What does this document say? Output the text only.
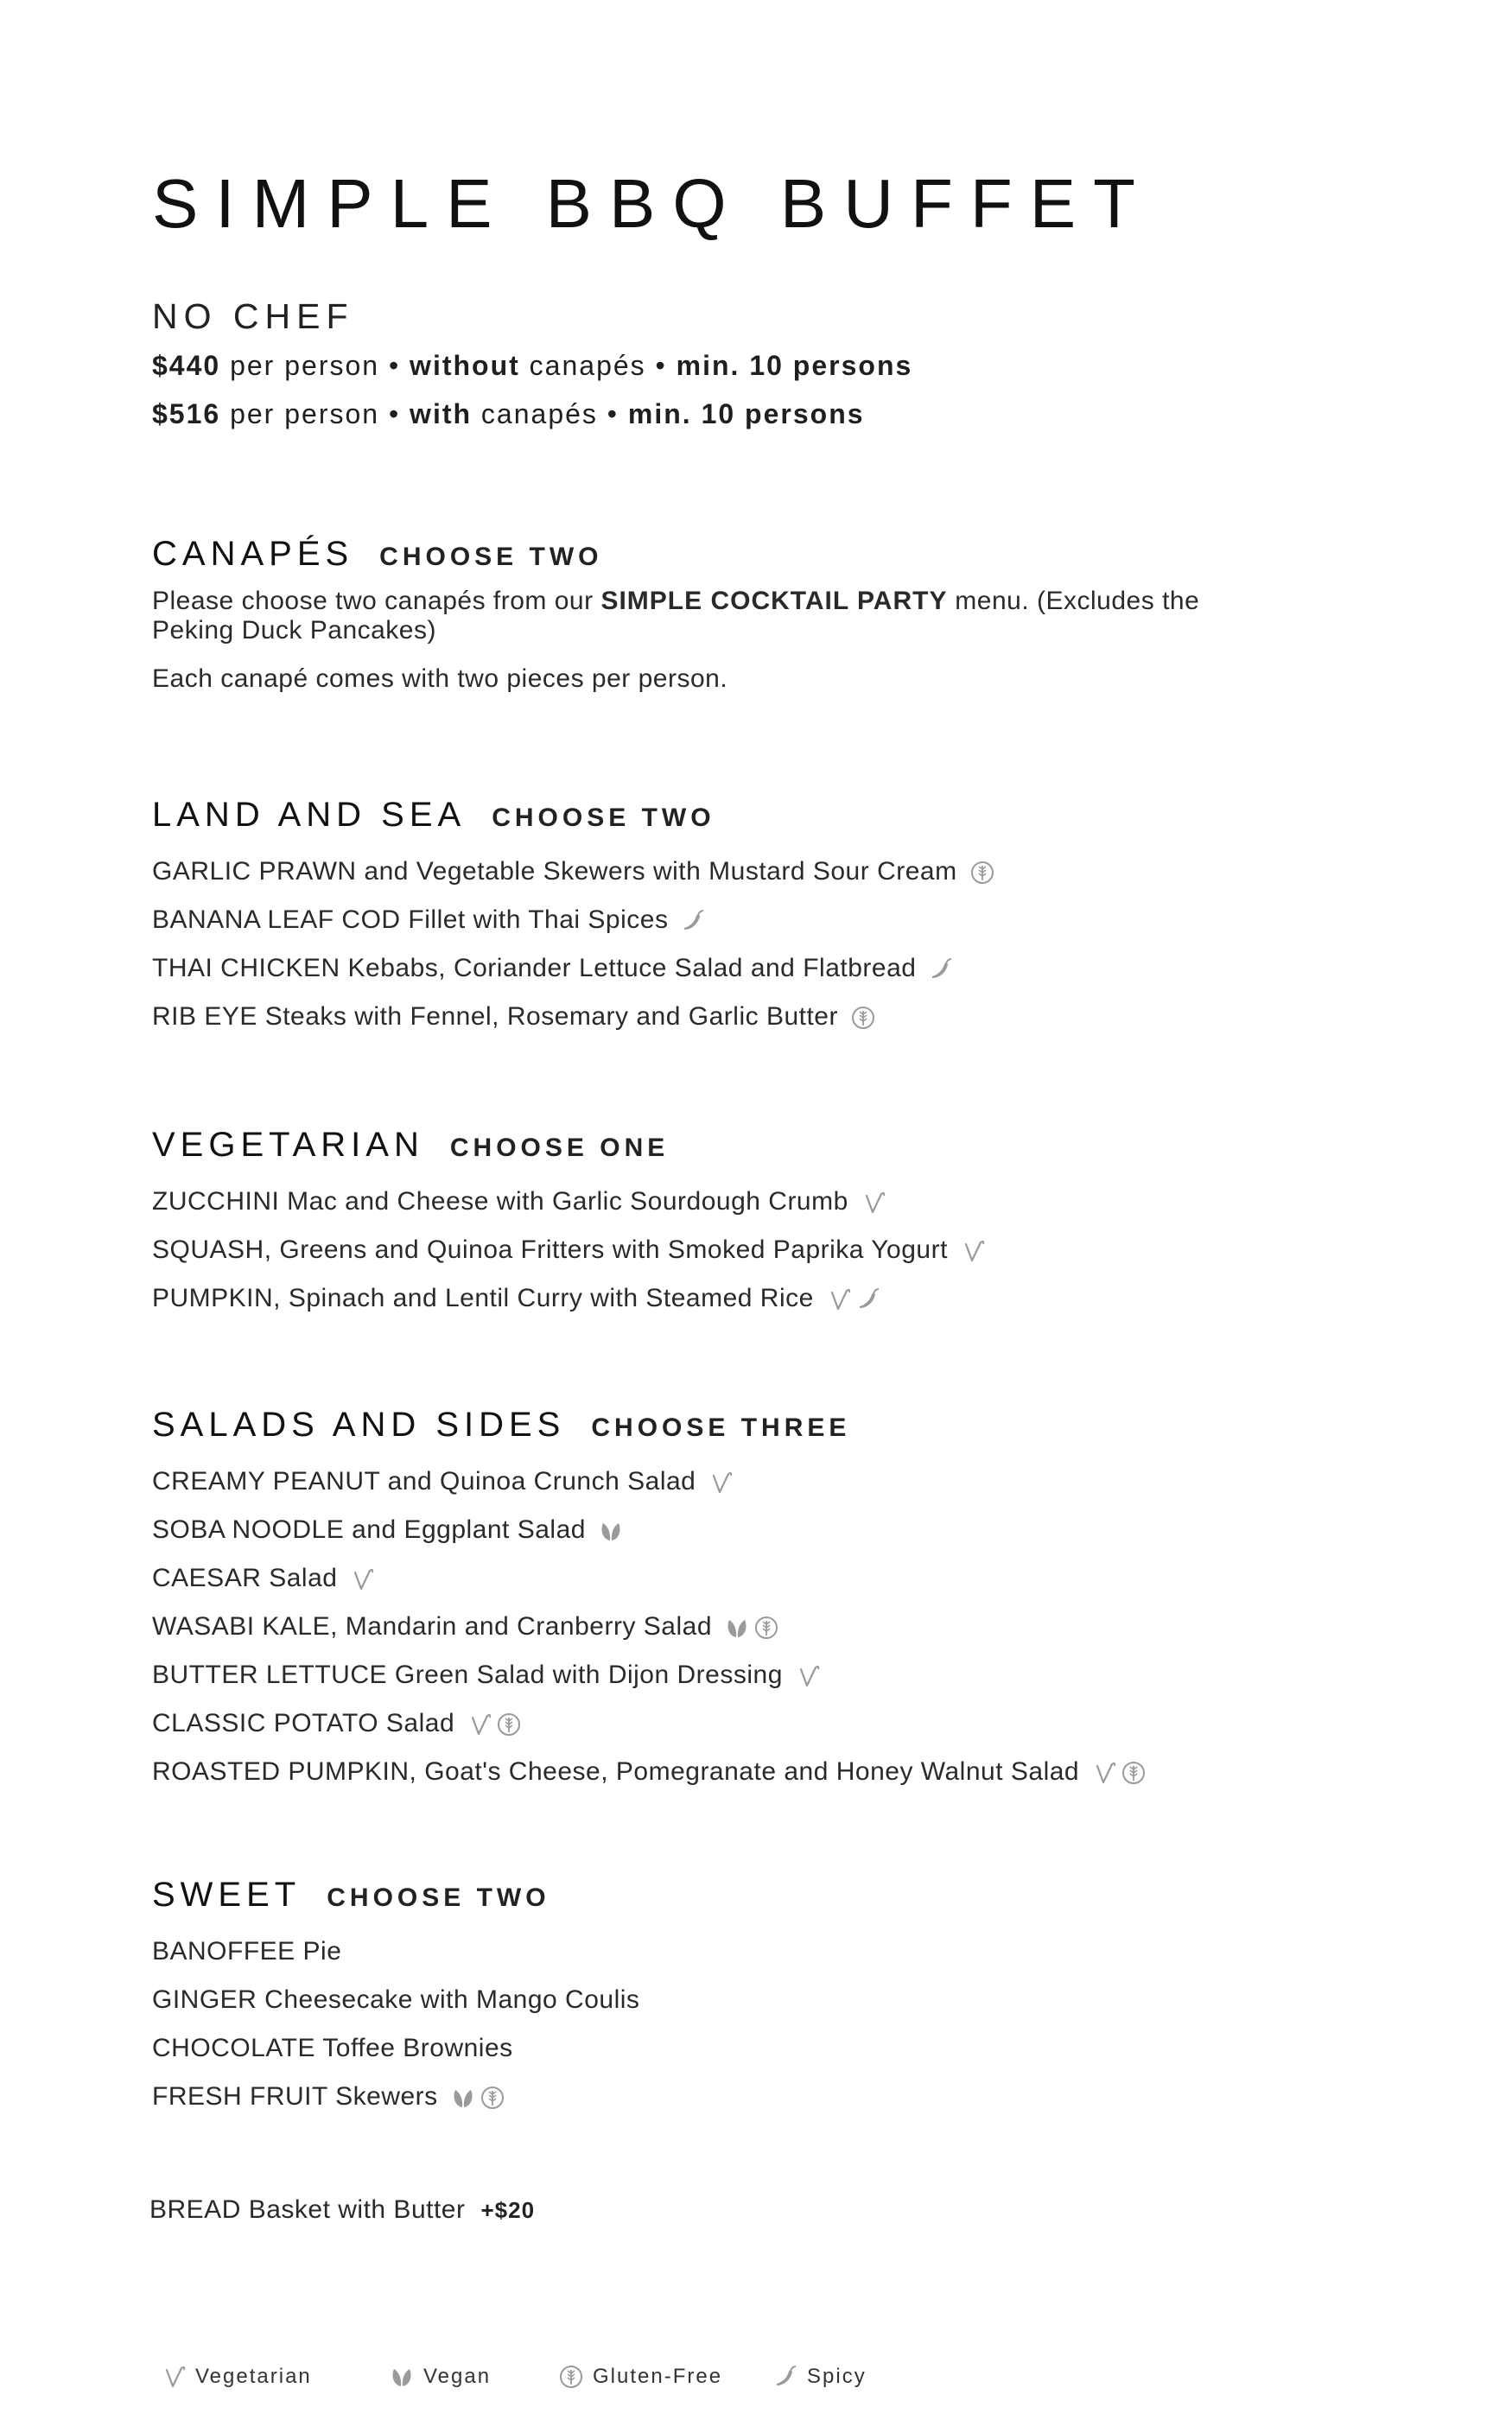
SIMPLE BBQ BUFFET
NO CHEF
$440 per person • without canapés • min. 10 persons
$516 per person • with canapés • min. 10 persons
CANAPÉS CHOOSE TWO

Please choose two canapés from our SIMPLE COCKTAIL PARTY menu. (Excludes the Peking Duck Pancakes)

Each canapé comes with two pieces per person.

LAND AND SEA CHOOSE TWO
GARLIC PRAWN and Vegetable Skewers with Mustard Sour Cream
BANANA LEAF COD Fillet with Thai Spices
THAI CHICKEN Kebabs, Coriander Lettuce Salad and Flatbread
RIB EYE Steaks with Fennel, Rosemary and Garlic Butter
VEGETARIAN CHOOSE ONE
ZUCCHINI Mac and Cheese with Garlic Sourdough Crumb
SQUASH, Greens and Quinoa Fritters with Smoked Paprika Yogurt
PUMPKIN, Spinach and Lentil Curry with Steamed Rice
SALADS AND SIDES CHOOSE THREE
CREAMY PEANUT and Quinoa Crunch Salad
SOBA NOODLE and Eggplant Salad
CAESAR Salad
WASABI KALE, Mandarin and Cranberry Salad
BUTTER LETTUCE Green Salad with Dijon Dressing
CLASSIC POTATO Salad
ROASTED PUMPKIN, Goat's Cheese, Pomegranate and Honey Walnut Salad
SWEET CHOOSE TWO
BANOFFEE Pie
GINGER Cheesecake with Mango Coulis
CHOCOLATE Toffee Brownies
FRESH FRUIT Skewers
BREAD Basket with Butter +$20
Vegetarian	Vegan	Gluten-Free	Spicy
